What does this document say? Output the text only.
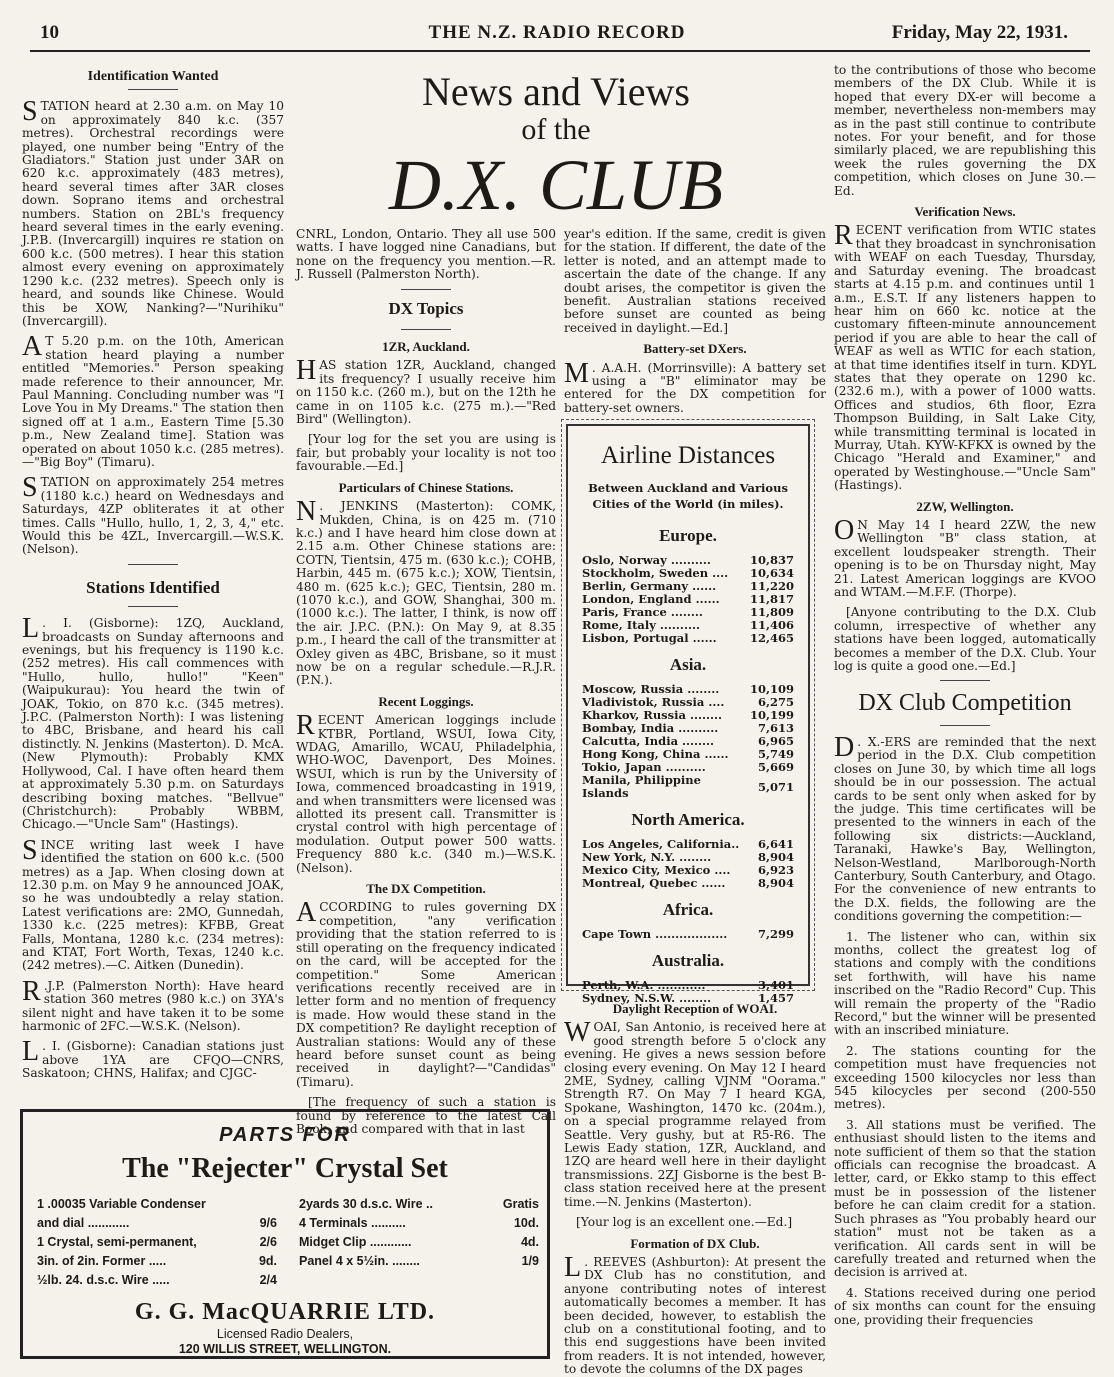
10	THE N.Z. RADIO RECORD	Friday, May 22, 1931.
Identification Wanted

STATION heard at 2.30 a.m. on May 10 on approximately 840 k.c. (357 metres). Orchestral recordings were played, one number being "Entry of the Gladiators." Station just under 3AR on 620 k.c. approximately (483 metres), heard several times after 3AR closes down. Soprano items and orchestral numbers. Station on 2BL's frequency heard several times in the early evening. J.P.B. (Invercargill) inquires re station on 600 k.c. (500 metres). I hear this station almost every evening on approximately 1290 k.c. (232 metres). Speech only is heard, and sounds like Chinese. Would this be XOW, Nanking?—"Nurihiku" (Invercargill).

A T 5.20 p.m. on the 10th, American station heard playing a number entitled "Memories." Person speaking made reference to their announcer, Mr. Paul Manning. Concluding number was "I Love You in My Dreams." The station then signed off at 1 a.m., Eastern Time [5.30 p.m., New Zealand time]. Station was operated on about 1050 k.c. (285 metres).—"Big Boy" (Timaru).

STATION on approximately 254 metres (1180 k.c.) heard on Wednesdays and Saturdays, 4ZP obliterates it at other times. Calls "Hullo, hullo, 1, 2, 3, 4," etc. Would this be 4ZL, Invercargill.—W.S.K. (Nelson).

Stations Identified

L . I. (Gisborne): 1ZQ, Auckland, broadcasts on Sunday afternoons and evenings, but his frequency is 1190 k.c. (252 metres). His call commences with "Hullo, hullo, hullo!" "Keen" (Waipukurau): You heard the twin of JOAK, Tokio, on 870 k.c. (345 metres). J.P.C. (Palmerston North): I was listening to 4BC, Brisbane, and heard his call distinctly. N. Jenkins (Masterton). D. McA. (New Plymouth): Probably KMX Hollywood, Cal. I have often heard them at approximately 5.30 p.m. on Saturdays describing boxing matches. "Bellvue" (Christchurch): Probably WBBM, Chicago.—"Uncle Sam" (Hastings).

SINCE writing last week I have identified the station on 600 k.c. (500 metres) as a Jap. When closing down at 12.30 p.m. on May 9 he announced JOAK, so he was undoubtedly a relay station. Latest verifications are: 2MO, Gunnedah, 1330 k.c. (225 metres): KFBB, Great Falls, Montana, 1280 k.c. (234 metres): and KTAT, Fort Worth, Texas, 1240 k.c. (242 metres).—C. Aitken (Dunedin).

R .J.P. (Palmerston North): Have heard station 360 metres (980 k.c.) on 3YA's silent night and have taken it to be some harmonic of 2FC.—W.S.K. (Nelson).

L . I. (Gisborne): Canadian stations just above 1YA are CFQO—CNRS, Saskatoon; CHNS, Halifax; and CJGC-

News and Views
of the
D.X. CLUB

CNRL, London, Ontario. They all use 500 watts. I have logged nine Canadians, but none on the frequency you mention.—R. J. Russell (Palmerston North).

DX Topics
1ZR, Auckland.

HAS station 1ZR, Auckland, changed its frequency? I usually receive him on 1150 k.c. (260 m.), but on the 12th he came in on 1105 k.c. (275 m.).—"Red Bird" (Wellington).

[Your log for the set you are using is fair, but probably your locality is not too favourable.—Ed.]

Particulars of Chinese Stations.

N . JENKINS (Masterton): COMK, Mukden, China, is on 425 m. (710 k.c.) and I have heard him close down at 2.15 a.m. Other Chinese stations are: COTN, Tientsin, 475 m. (630 k.c.); COHB, Harbin, 445 m. (675 k.c.); XOW, Tientsin, 480 m. (625 k.c.); GEC, Tientsin, 280 m. (1070 k.c.), and GOW, Shanghai, 300 m. (1000 k.c.). The latter, I think, is now off the air. J.P.C. (P.N.): On May 9, at 8.35 p.m., I heard the call of the transmitter at Oxley given as 4BC, Brisbane, so it must now be on a regular schedule.—R.J.R. (P.N.).

Recent Loggings.

RECENT American loggings include KTBR, Portland, WSUI, Iowa City, WDAG, Amarillo, WCAU, Philadelphia, WHO-WOC, Davenport, Des Moines. WSUI, which is run by the University of Iowa, commenced broadcasting in 1919, and when transmitters were licensed was allotted its present call. Transmitter is crystal control with high percentage of modulation. Output power 500 watts. Frequency 880 k.c. (340 m.)—W.S.K. (Nelson).

The DX Competition.

ACCORDING to rules governing DX competition, "any verification providing that the station referred to is still operating on the frequency indicated on the card, will be accepted for the competition." Some American verifications recently received are in letter form and no mention of frequency is made. How would these stand in the DX competition? Re daylight reception of Australian stations: Would any of these heard before sunset count as being received in daylight?—"Candidas" (Timaru).

[The frequency of such a station is found by reference to the latest Call Book, and compared with that in last

year's edition. If the same, credit is given for the station. If different, the date of the letter is noted, and an attempt made to ascertain the date of the change. If any doubt arises, the competitor is given the benefit. Australian stations received before sunset are counted as being received in daylight.—Ed.]

Battery-set DXers.

M . A.A.H. (Morrinsville): A battery set using a "B" eliminator may be entered for the DX competition for battery-set owners.

Airline Distances
Between Auckland and Various Cities of the World (in miles).
Europe.
Oslo, Norway ..........	10,837
Stockholm, Sweden ....	10,634
Berlin, Germany ......	11,220
London, England ......	11,817
Paris, France ........	11,809
Rome, Italy ..........	11,406
Lisbon, Portugal ......	12,465
Asia.
Moscow, Russia ........	10,109
Vladivistok, Russia ....	6,275
Kharkov, Russia ........	10,199
Bombay, India ..........	7,613
Calcutta, India ........	6,965
Hong Kong, China ......	5,749
Tokio, Japan ..........	5,669
Manila, Philippine Islands	5,071
North America.
Los Angeles, California..	6,641
New York, N.Y. ........	8,904
Mexico City, Mexico ....	6,923
Montreal, Quebec ......	8,904
Africa.
Cape Town ..................	7,299
Australia.
Perth, W.A. ............	3,401
Sydney, N.S.W. ........	1,457
Daylight Reception of WOAI.

WOAI, San Antonio, is received here at good strength before 5 o'clock any evening. He gives a news session before closing every evening. On May 12 I heard 2ME, Sydney, calling VJNM "Oorama." Strength R7. On May 7 I heard KGA, Spokane, Washington, 1470 kc. (204m.), on a special programme relayed from Seattle. Very gushy, but at R5-R6. The Lewis Eady station, 1ZR, Auckland, and 1ZQ are heard well here in their daylight transmissions. 2ZJ Gisborne is the best B-class station received here at the present time.—N. Jenkins (Masterton).

[Your log is an excellent one.—Ed.]

Formation of DX Club.

L . REEVES (Ashburton): At present the DX Club has no constitution, and anyone contributing notes of interest automatically becomes a member. It has been decided, however, to establish the club on a constitutional footing, and to this end suggestions have been invited from readers. It is not intended, however, to devote the columns of the DX pages

to the contributions of those who become members of the DX Club. While it is hoped that every DX-er will become a member, nevertheless non-members may as in the past still continue to contribute notes. For your benefit, and for those similarly placed, we are republishing this week the rules governing the DX competition, which closes on June 30.—Ed.

Verification News.

RECENT verification from WTIC states that they broadcast in synchronisation with WEAF on each Tuesday, Thursday, and Saturday evening. The broadcast starts at 4.15 p.m. and continues until 1 a.m., E.S.T. If any listeners happen to hear him on 660 kc. notice at the customary fifteen-minute announcement period if you are able to hear the call of WEAF as well as WTIC for each station, at that time identifies itself in turn. KDYL states that they operate on 1290 kc. (232.6 m.), with a power of 1000 watts. Offices and studios, 6th floor, Ezra Thompson Building, in Salt Lake City, while transmitting terminal is located in Murray, Utah. KYW-KFKX is owned by the Chicago "Herald and Examiner," and operated by Westinghouse.—"Uncle Sam" (Hastings).

2ZW, Wellington.

O N May 14 I heard 2ZW, the new Wellington "B" class station, at excellent loudspeaker strength. Their opening is to be on Thursday night, May 21. Latest American loggings are KVOO and WTAM.—M.F.F. (Thorpe).

[Anyone contributing to the D.X. Club column, irrespective of whether any stations have been logged, automatically becomes a member of the D.X. Club. Your log is quite a good one.—Ed.]

DX Club Competition

D . X.-ERS are reminded that the next period in the D.X. Club competition closes on June 30, by which time all logs should be in our possession. The actual cards to be sent only when asked for by the judge. This time certificates will be presented to the winners in each of the following six districts:—Auckland, Taranaki, Hawke's Bay, Wellington, Nelson-Westland, Marlborough-North Canterbury, South Canterbury, and Otago. For the convenience of new entrants to the D.X. fields, the following are the conditions governing the competition:—

1. The listener who can, within six months, collect the greatest log of stations and comply with the conditions set forthwith, will have his name inscribed on the "Radio Record" Cup. This will remain the property of the "Radio Record," but the winner will be presented with an inscribed miniature.

2. The stations counting for the competition must have frequencies not exceeding 1500 kilocycles nor less than 545 kilocycles per second (200-550 metres).

3. All stations must be verified. The enthusiast should listen to the items and note sufficient of them so that the station officials can recognise the broadcast. A letter, card, or Ekko stamp to this effect must be in possession of the listener before he can claim credit for a station. Such phrases as "You probably heard our station" must not be taken as a verification. All cards sent in will be carefully treated and returned when the decision is arrived at.

4. Stations received during one period of six months can count for the ensuing one, providing their frequencies

PARTS FOR
The "Rejecter" Crystal Set
1 .00035 Variable Condenser
and dial ............	9/6
1 Crystal, semi-permanent,	2/6
3in. of 2in. Former .....	9d.
½lb. 24. d.s.c. Wire .....	2/4
2yards 30 d.s.c. Wire ..	Gratis
4 Terminals ..........	10d.
Midget Clip ............	4d.
Panel 4 x 5½in. ........	1/9
G. G. MacQUARRIE LTD.
Licensed Radio Dealers,
120 WILLIS STREET, WELLINGTON.
